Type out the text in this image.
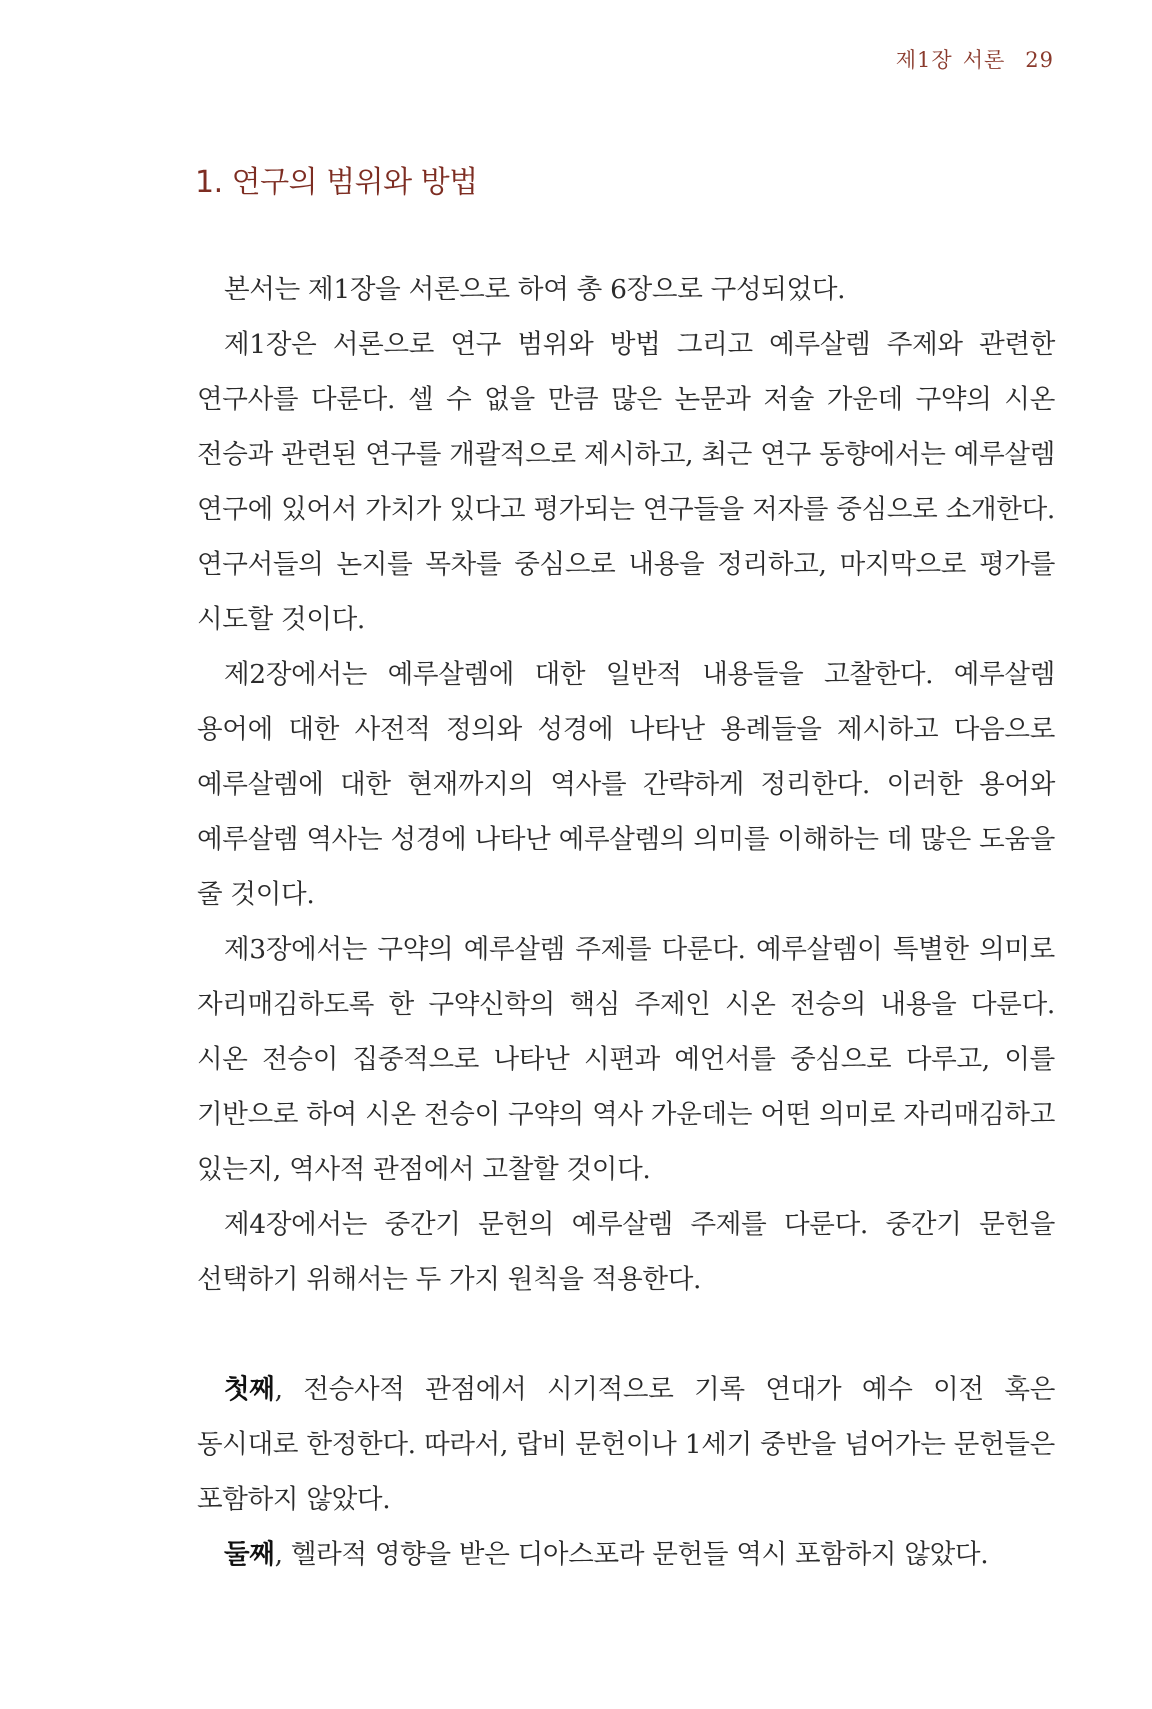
제1장 서론 29
1. 연구의 범위와 방법

본서는 제1장을 서론으로 하여 총 6장으로 구성되었다.

제1장은 서론으로 연구 범위와 방법 그리고 예루살렘 주제와 관련한 연구사를 다룬다. 셀 수 없을 만큼 많은 논문과 저술 가운데 구약의 시온 전승과 관련된 연구를 개괄적으로 제시하고, 최근 연구 동향에서는 예루살렘 연구에 있어서 가치가 있다고 평가되는 연구들을 저자를 중심으로 소개한다. 연구서들의 논지를 목차를 중심으로 내용을 정리하고, 마지막으로 평가를 시도할 것이다.

제2장에서는 예루살렘에 대한 일반적 내용들을 고찰한다. 예루살렘 용어에 대한 사전적 정의와 성경에 나타난 용례들을 제시하고 다음으로 예루살렘에 대한 현재까지의 역사를 간략하게 정리한다. 이러한 용어와 예루살렘 역사는 성경에 나타난 예루살렘의 의미를 이해하는 데 많은 도움을 줄 것이다.

제3장에서는 구약의 예루살렘 주제를 다룬다. 예루살렘이 특별한 의미로 자리매김하도록 한 구약신학의 핵심 주제인 시온 전승의 내용을 다룬다. 시온 전승이 집중적으로 나타난 시편과 예언서를 중심으로 다루고, 이를 기반으로 하여 시온 전승이 구약의 역사 가운데는 어떤 의미로 자리매김하고 있는지, 역사적 관점에서 고찰할 것이다.

제4장에서는 중간기 문헌의 예루살렘 주제를 다룬다. 중간기 문헌을 선택하기 위해서는 두 가지 원칙을 적용한다.

첫째, 전승사적 관점에서 시기적으로 기록 연대가 예수 이전 혹은 동시대로 한정한다. 따라서, 랍비 문헌이나 1세기 중반을 넘어가는 문헌들은 포함하지 않았다.

둘째, 헬라적 영향을 받은 디아스포라 문헌들 역시 포함하지 않았다.
